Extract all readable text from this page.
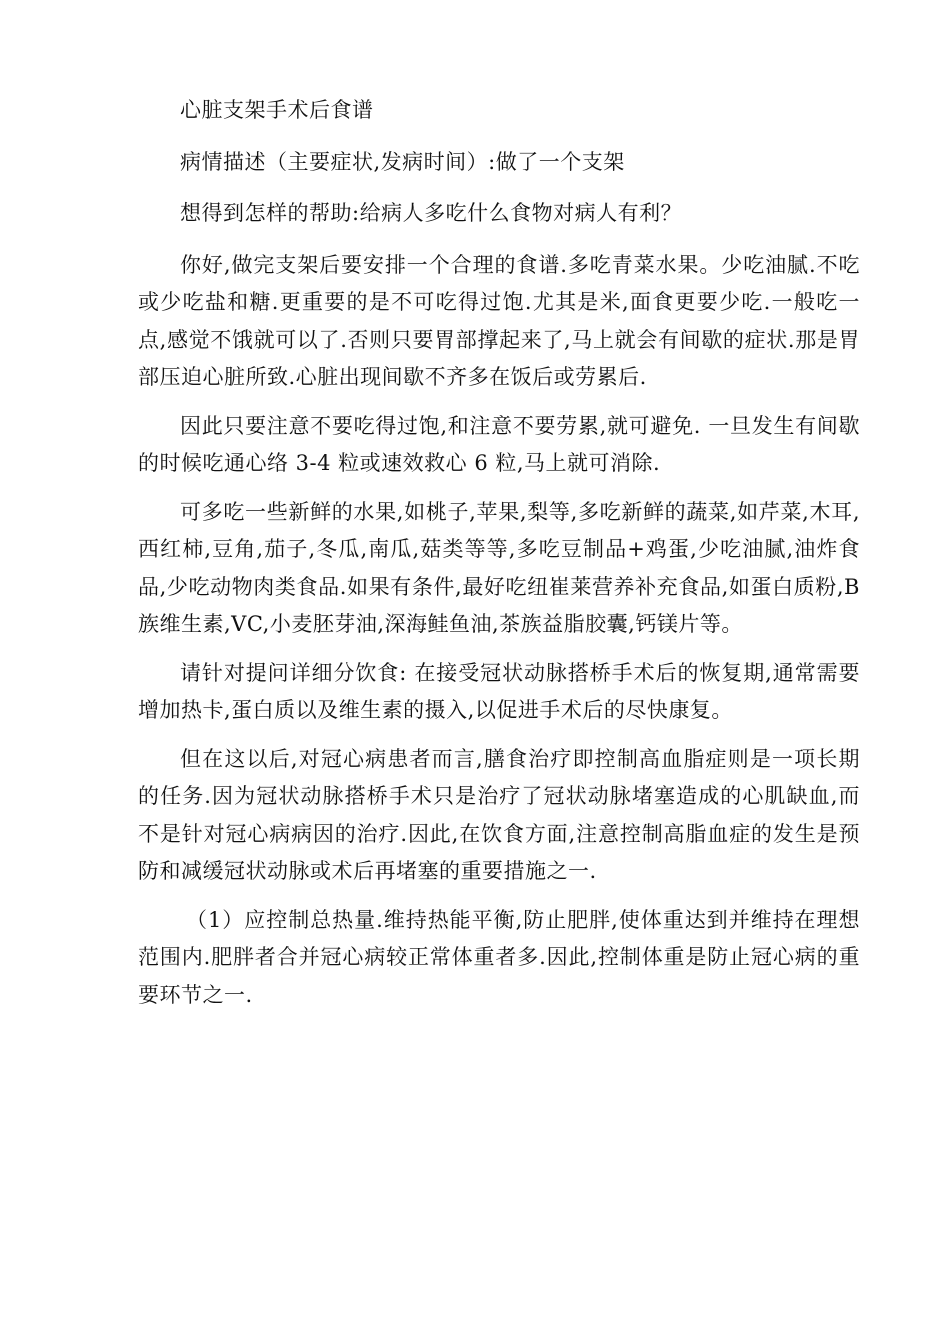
心脏支架手术后食谱

病情描述（主要症状,发病时间）:做了一个支架

想得到怎样的帮助:给病人多吃什么食物对病人有利？

你好,做完支架后要安排一个合理的食谱.多吃青菜水果。少吃油腻.不吃或少吃盐和糖.更重要的是不可吃得过饱.尤其是米,面食更要少吃.一般吃一点,感觉不饿就可以了.否则只要胃部撑起来了,马上就会有间歇的症状.那是胃部压迫心脏所致.心脏出现间歇不齐多在饭后或劳累后.

因此只要注意不要吃得过饱,和注意不要劳累,就可避免. 一旦发生有间歇的时候吃通心络 3-4 粒或速效救心 6 粒,马上就可消除.

可多吃一些新鲜的水果,如桃子,苹果,梨等,多吃新鲜的蔬菜,如芹菜,木耳,西红柿,豆角,茄子,冬瓜,南瓜,菇类等等,多吃豆制品+鸡蛋,少吃油腻,油炸食品,少吃动物肉类食品.如果有条件,最好吃纽崔莱营养补充食品,如蛋白质粉,B 族维生素,VC,小麦胚芽油,深海鲑鱼油,茶族益脂胶囊,钙镁片等。

请针对提问详细分饮食: 在接受冠状动脉搭桥手术后的恢复期,通常需要增加热卡,蛋白质以及维生素的摄入,以促进手术后的尽快康复。

但在这以后,对冠心病患者而言,膳食治疗即控制高血脂症则是一项长期的任务.因为冠状动脉搭桥手术只是治疗了冠状动脉堵塞造成的心肌缺血,而不是针对冠心病病因的治疗.因此,在饮食方面,注意控制高脂血症的发生是预防和减缓冠状动脉或术后再堵塞的重要措施之一.

（1）应控制总热量.维持热能平衡,防止肥胖,使体重达到并维持在理想范围内.肥胖者合并冠心病较正常体重者多.因此,控制体重是防止冠心病的重要环节之一.
